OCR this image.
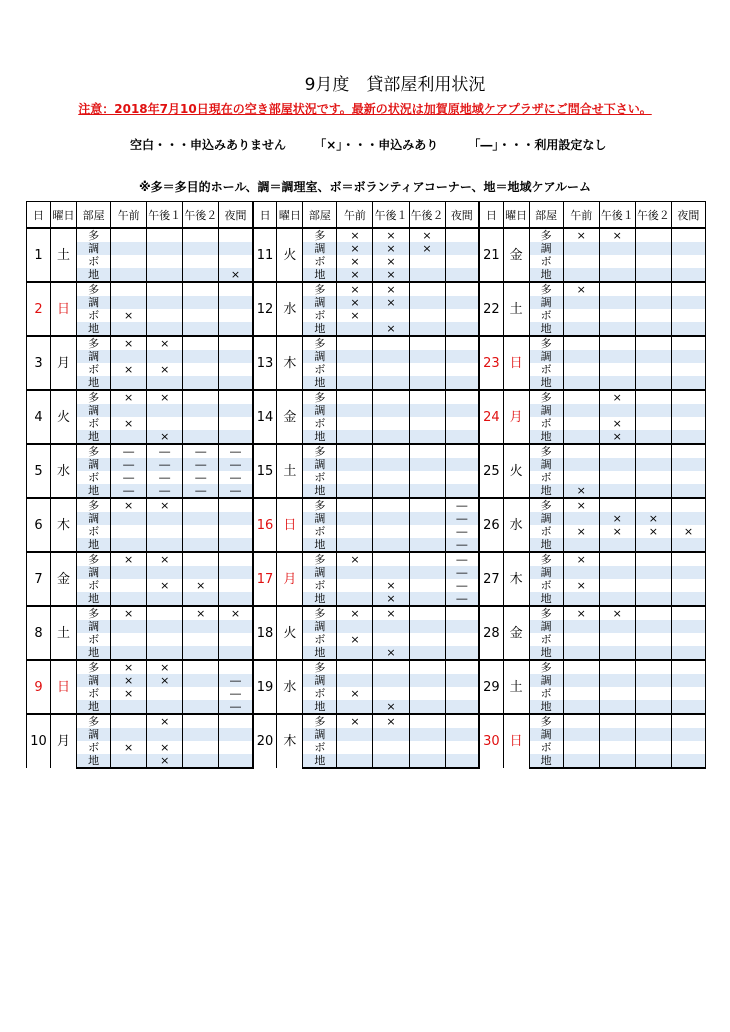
9月度　貸部屋利用状況
注意：2018年7月10日現在の空き部屋状況です。最新の状況は加賀原地域ケアプラザにご問合せ下さい。
空白・・・申込みありません 「×」・・・申込みあり	「―」・・・利用設定なし
※多＝多目的ホール、調＝調理室、ボ＝ボランティアコーナー、地＝地域ケアルーム
日	曜日	部屋	午前	午後１	午後２	夜間	日	曜日	部屋	午前	午後１	午後２	夜間	日	曜日	部屋	午前	午後１	午後２	夜間
1	土	多					11	火	多	×	×	×		21	金	多	×	×		
		調							調	×	×	×				調				
		ボ							ボ	×	×					ボ				
		地				×			地	×	×					地				
2	日	多					12	水	多	×	×			22	土	多	×			
		調							調	×	×					調				
		ボ	×						ボ	×						ボ				
		地							地		×					地				
3	月	多	×	×			13	木	多					23	日	多				
		調							調							調				
		ボ	×	×					ボ							ボ				
		地							地							地				
4	火	多	×	×			14	金	多					24	月	多		×		
		調							調							調				
		ボ	×						ボ							ボ		×		
		地		×					地							地		×		
5	水	多	―	―	―	―	15	土	多					25	火	多				
		調	―	―	―	―			調							調				
		ボ	―	―	―	―			ボ							ボ				
		地	―	―	―	―			地							地	×			
6	木	多	×	×			16	日	多				―	26	水	多	×			
		調							調				―			調		×	×	
		ボ							ボ				―			ボ	×	×	×	×
		地							地				―			地				
7	金	多	×	×			17	月	多	×			―	27	木	多	×			
		調							調				―			調				
		ボ		×	×				ボ		×		―			ボ	×			
		地							地		×		―			地				
8	土	多	×		×	×	18	火	多	×	×			28	金	多	×	×		
		調							調							調				
		ボ							ボ	×						ボ				
		地							地		×					地				
9	日	多	×	×			19	水	多					29	土	多				
		調	×	×		―			調							調				
		ボ	×			―			ボ	×						ボ				
		地				―			地		×					地				
10	月	多		×			20	木	多	×	×			30	日	多				
		調							調							調				
		ボ	×	×					ボ							ボ				
		地		×					地							地				
